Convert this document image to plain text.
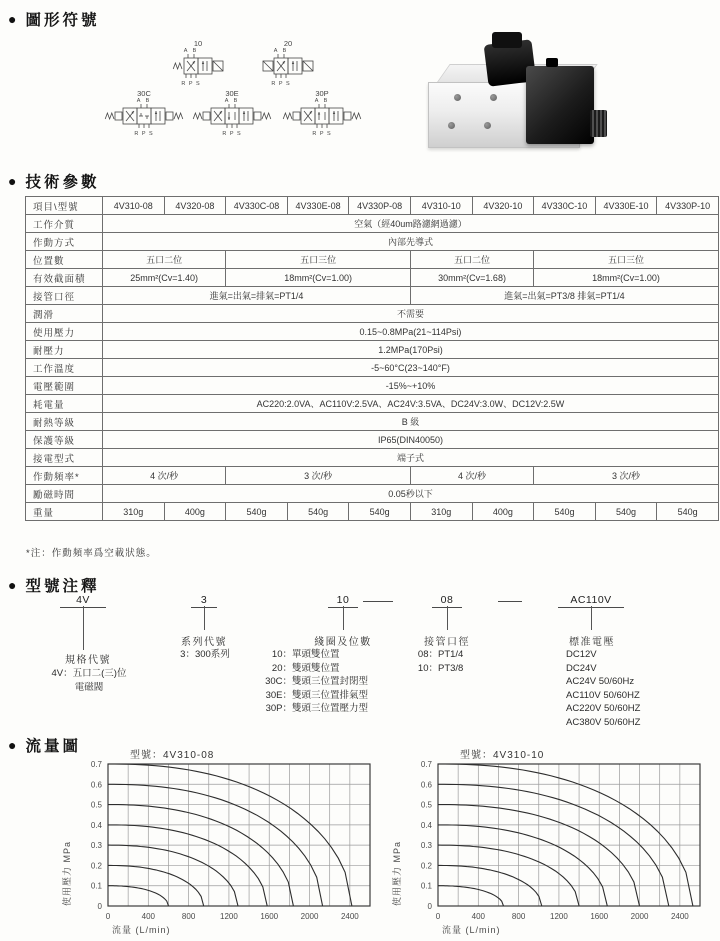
● 圖形符號
10
A B
R P S
20
A B
R P S
30C
A B
R P S
30E
A B
R P S
30P
A B
R P S
● 技術參數
項目\型號	4V310-08	4V320-08	4V330C-08	4V330E-08	4V330P-08	4V310-10	4V320-10	4V330C-10	4V330E-10	4V330P-10
工作介質	空氣（經40um路濾網過濾）									
作動方式	內部先導式									
位置數	五口二位		五口三位			五口二位		五口三位		
有效截面積	25mm²(Cv=1.40)		18mm²(Cv=1.00)			30mm²(Cv=1.68)		18mm²(Cv=1.00)		
接管口徑	進氣=出氣=排氣=PT1/4					進氣=出氣=PT3/8 排氣=PT1/4				
潤滑	不需要									
使用壓力	0.15~0.8MPa(21~114Psi)									
耐壓力	1.2MPa(170Psi)									
工作溫度	-5~60°C(23~140°F)									
電壓範圍	-15%~+10%									
耗電量	AC220:2.0VA、AC110V:2.5VA、AC24V:3.5VA、DC24V:3.0W、DC12V:2.5W									
耐熱等級	B 級									
保護等級	IP65(DIN40050)									
接電型式	端子式									
作動頻率*	4 次/秒		3 次/秒			4 次/秒		3 次/秒		
勵磁時間	0.05秒以下									
重量	310g	400g	540g	540g	540g	310g	400g	540g	540g	540g
*注：作動頻率爲空載狀態。
● 型號注釋
4V
規格代號
4V：五口二(三)位
電磁閥
3
系列代號
3：300系列
10
綫圈及位數
10： 單頭雙位置
20： 雙頭雙位置
30C： 雙頭三位置封閉型
30E： 雙頭三位置排氣型
30P： 雙頭三位置壓力型
08
接管口徑
08： PT1/4
10： PT3/8
AC110V
標准電壓
DC12V
DC24V
AC24V 50/60Hz
AC110V 50/60HZ
AC220V 50/60HZ
AC380V 50/60HZ
● 流量圖
型號：4V310-08
0
0.1
0.2
0.3
0.4
0.5
0.6
0.7
0	400	800	1200	1600	2000	2400
流量 (L/min)
使用壓力 MPa
型號：4V310-10
0
0.1
0.2
0.3
0.4
0.5
0.6
0.7
0	400	800	1200	1600	2000	2400
流量 (L/min)
使用壓力 MPa
